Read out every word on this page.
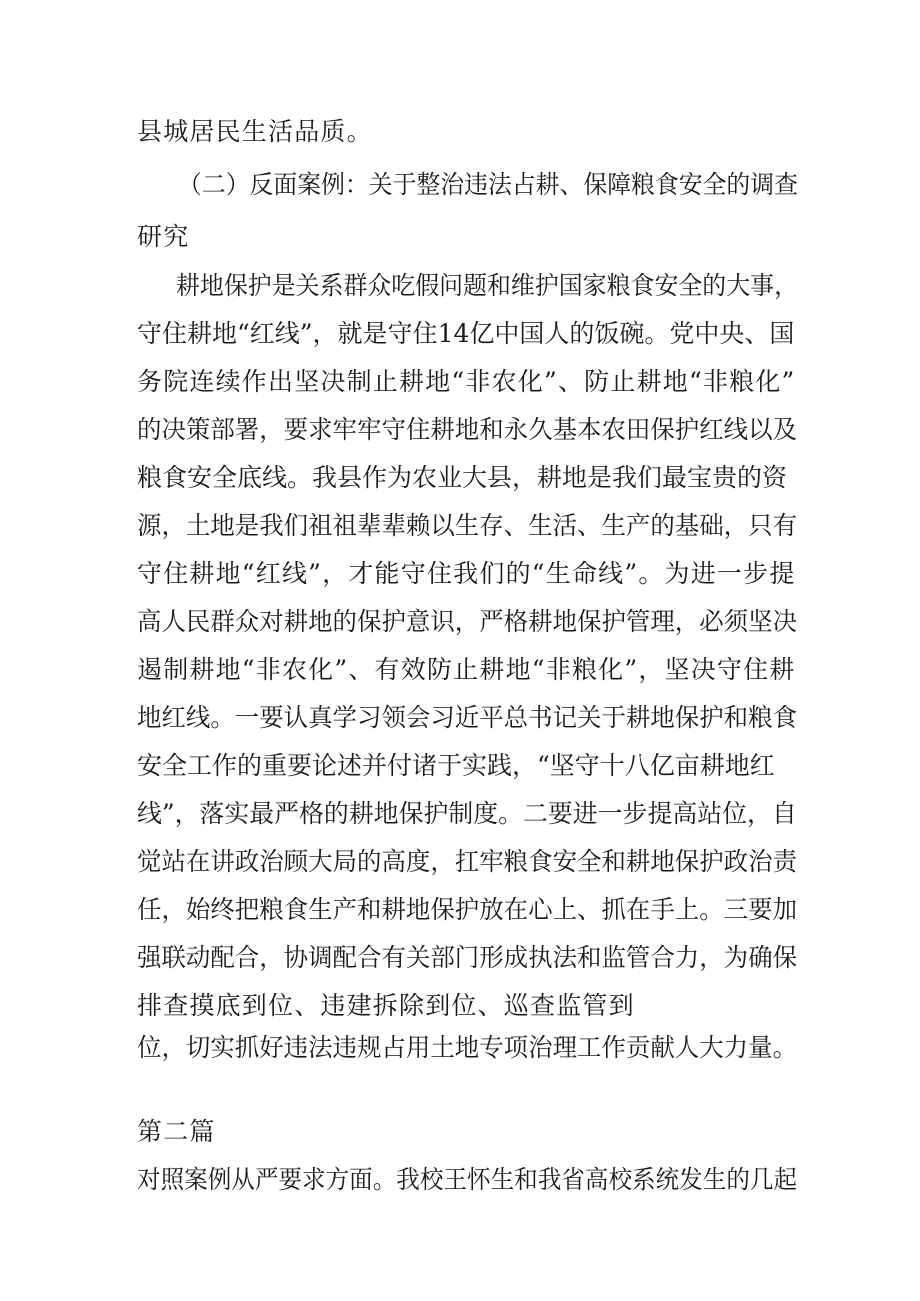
县城居民生活品质。
（二）反面案例：关于整治违法占耕、保障粮食安全的调查
研究
耕地保护是关系群众吃假问题和维护国家粮食安全的大事，
守住耕地“红线”，就是守住14亿中国人的饭碗。党中央、国
务院连续作出坚决制止耕地“非农化”、防止耕地“非粮化”
的决策部署，要求牢牢守住耕地和永久基本农田保护红线以及
粮食安全底线。我县作为农业大县，耕地是我们最宝贵的资
源，土地是我们祖祖辈辈赖以生存、生活、生产的基础，只有
守住耕地“红线”，才能守住我们的“生命线”。为进一步提
高人民群众对耕地的保护意识，严格耕地保护管理，必须坚决
遏制耕地“非农化”、有效防止耕地“非粮化”，坚决守住耕
地红线。一要认真学习领会习近平总书记关于耕地保护和粮食
安全工作的重要论述并付诸于实践，“坚守十八亿亩耕地红
线”，落实最严格的耕地保护制度。二要进一步提高站位，自
觉站在讲政治顾大局的高度，扛牢粮食安全和耕地保护政治责
任，始终把粮食生产和耕地保护放在心上、抓在手上。三要加
强联动配合，协调配合有关部门形成执法和监管合力，为确保
排查摸底到位、违建拆除到位、巡查监管到
位，切实抓好违法违规占用土地专项治理工作贡献人大力量。
第二篇
对照案例从严要求方面。我校王怀生和我省高校系统发生的几起
